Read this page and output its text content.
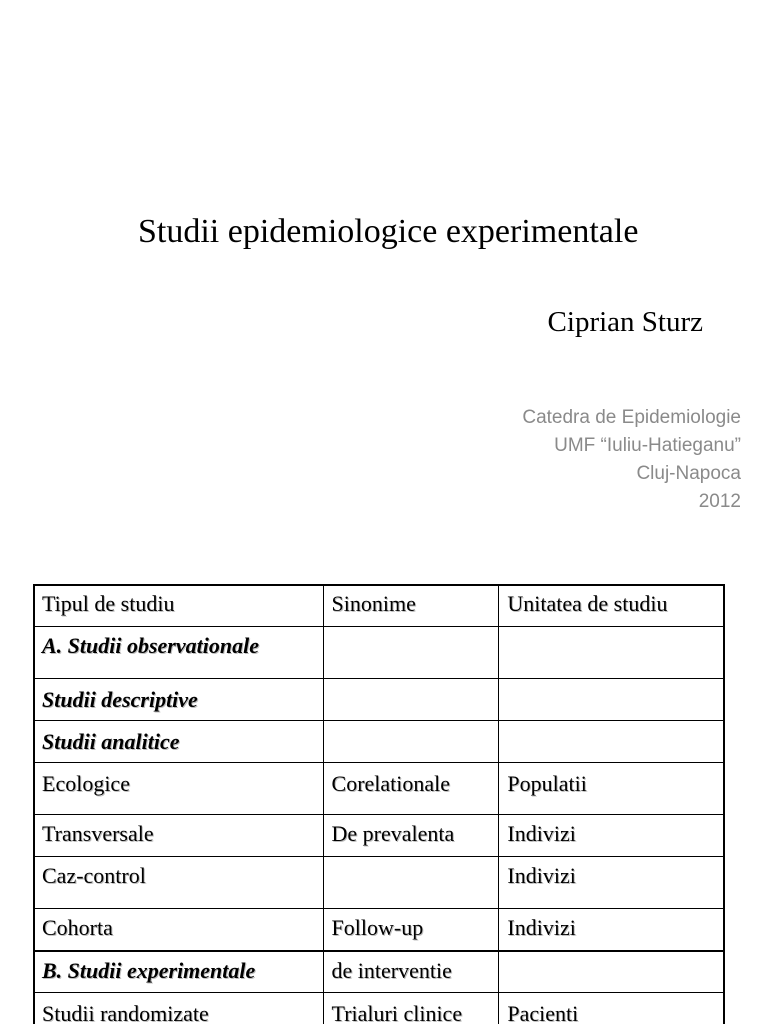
Studii epidemiologice experimentale
Ciprian Sturz
Catedra de Epidemiologie
UMF “Iuliu-Hatieganu”
Cluj-Napoca
2012
Tipul de studiu	Sinonime	Unitatea de studiu

A. Studii observationale		

Studii descriptive		

Studii analitice		

Ecologice	Corelationale	Populatii

Transversale	De prevalenta	Indivizi

Caz-control		Indivizi

Cohorta	Follow-up	Indivizi

B. Studii experimentale	de interventie	

Studii randomizate	Trialuri clinice	Pacienti
